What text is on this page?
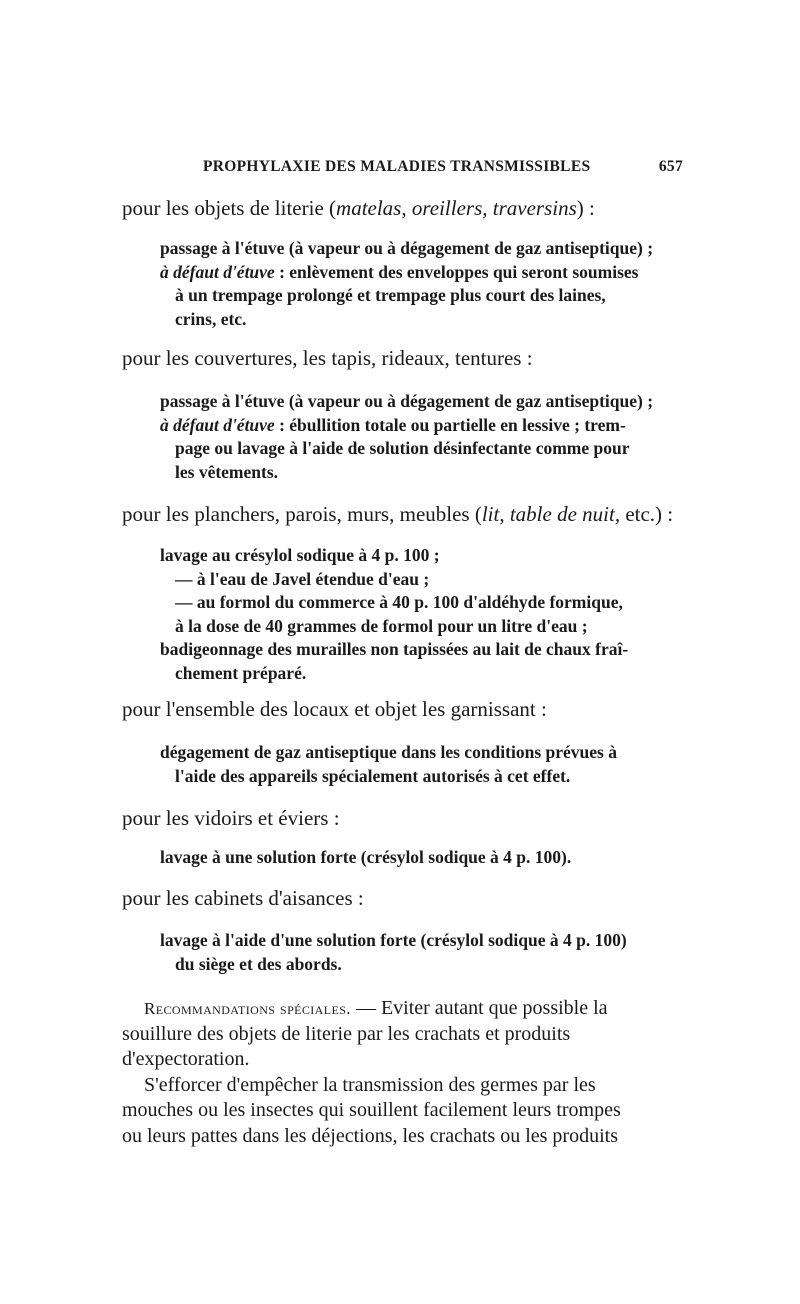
PROPHYLAXIE DES MALADIES TRANSMISSIBLES	657

pour les objets de literie (matelas, oreillers, traversins) :

passage à l'étuve (à vapeur ou à dégagement de gaz antiseptique) ;
à défaut d'étuve : enlèvement des enveloppes qui seront soumises
à un trempage prolongé et trempage plus court des laines,
crins, etc.

pour les couvertures, les tapis, rideaux, tentures :

passage à l'étuve (à vapeur ou à dégagement de gaz antiseptique) ;
à défaut d'étuve : ébullition totale ou partielle en lessive ; trem-
page ou lavage à l'aide de solution désinfectante comme pour
les vêtements.

pour les planchers, parois, murs, meubles (lit, table de nuit, etc.) :

lavage au crésylol sodique à 4 p. 100 ;
— à l'eau de Javel étendue d'eau ;
— au formol du commerce à 40 p. 100 d'aldéhyde formique,
à la dose de 40 grammes de formol pour un litre d'eau ;
badigeonnage des murailles non tapissées au lait de chaux fraî-
chement préparé.

pour l'ensemble des locaux et objet les garnissant :

dégagement de gaz antiseptique dans les conditions prévues à
l'aide des appareils spécialement autorisés à cet effet.

pour les vidoirs et éviers :

lavage à une solution forte (crésylol sodique à 4 p. 100).

pour les cabinets d'aisances :

lavage à l'aide d'une solution forte (crésylol sodique à 4 p. 100)
du siège et des abords.
Recommandations spéciales. — Eviter autant que possible la
souillure des objets de literie par les crachats et produits
d'expectoration.
S'efforcer d'empêcher la transmission des germes par les
mouches ou les insectes qui souillent facilement leurs trompes
ou leurs pattes dans les déjections, les crachats ou les produits
